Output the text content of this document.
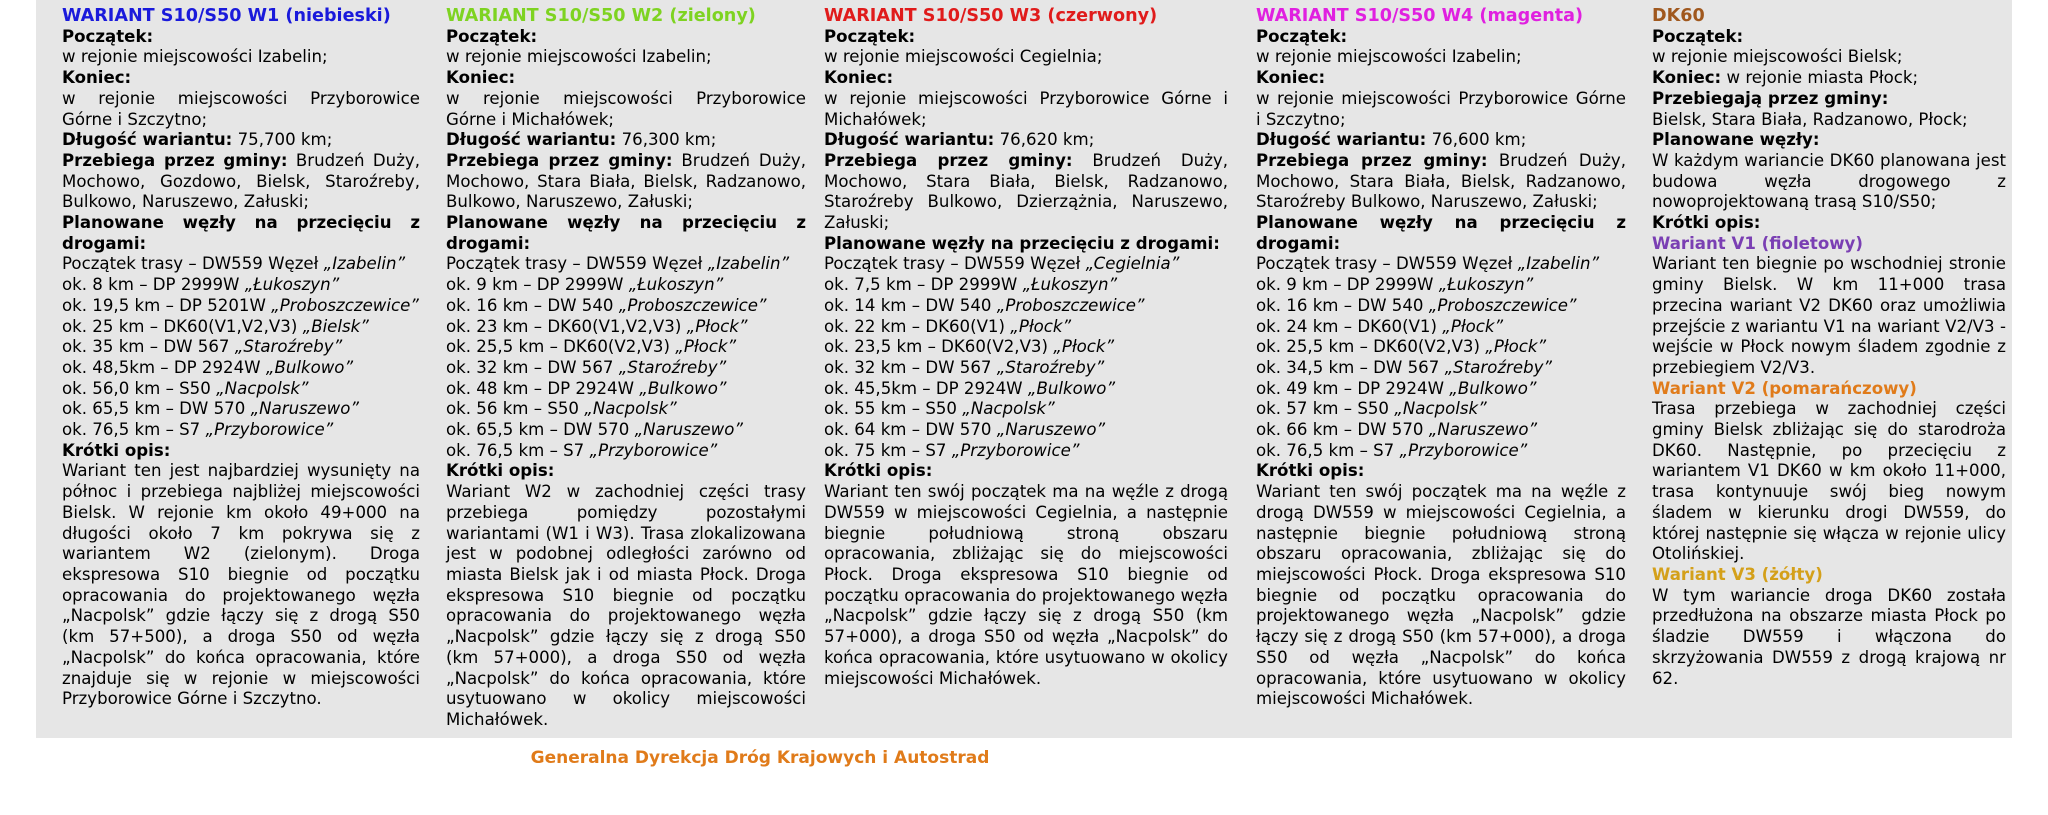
WARIANT S10/S50 W1 (niebieski)

Początek:

w rejonie miejscowości Izabelin;

Koniec:

w rejonie miejscowości Przyborowice Górne i Szczytno;

Długość wariantu: 75,700 km;

Przebiega przez gminy: Brudzeń Duży, Mochowo, Gozdowo, Bielsk, Staroźreby, Bulkowo, Naruszewo, Załuski;

Planowane węzły na przecięciu z drogami:

Początek trasy – DW559 Węzeł „Izabelin”

ok. 8 km – DP 2999W „Łukoszyn”

ok. 19,5 km – DP 5201W „Proboszczewice”

ok. 25 km – DK60(V1,V2,V3) „Bielsk”

ok. 35 km – DW 567 „Staroźreby”

ok. 48,5km – DP 2924W „Bulkowo”

ok. 56,0 km – S50 „Nacpolsk”

ok. 65,5 km – DW 570 „Naruszewo”

ok. 76,5 km – S7 „Przyborowice”

Krótki opis:

Wariant ten jest najbardziej wysunięty na północ i przebiega najbliżej miejscowości Bielsk. W rejonie km około 49+000 na długości około 7 km pokrywa się z wariantem W2 (zielonym). Droga ekspresowa S10 biegnie od początku opracowania do projektowanego węzła „Nacpolsk” gdzie łączy się z drogą S50 (km 57+500), a droga S50 od węzła „Nacpolsk” do końca opracowania, które znajduje się w rejonie w miejscowości Przyborowice Górne i Szczytno.

WARIANT S10/S50 W2 (zielony)

Początek:

w rejonie miejscowości Izabelin;

Koniec:

w rejonie miejscowości Przyborowice Górne i Michałówek;

Długość wariantu: 76,300 km;

Przebiega przez gminy: Brudzeń Duży, Mochowo, Stara Biała, Bielsk, Radzanowo, Bulkowo, Naruszewo, Załuski;

Planowane węzły na przecięciu z drogami:

Początek trasy – DW559 Węzeł „Izabelin”

ok. 9 km – DP 2999W „Łukoszyn”

ok. 16 km – DW 540 „Proboszczewice”

ok. 23 km – DK60(V1,V2,V3) „Płock”

ok. 25,5 km – DK60(V2,V3) „Płock”

ok. 32 km – DW 567 „Staroźreby”

ok. 48 km – DP 2924W „Bulkowo”

ok. 56 km – S50 „Nacpolsk”

ok. 65,5 km – DW 570 „Naruszewo”

ok. 76,5 km – S7 „Przyborowice”

Krótki opis:

Wariant W2 w zachodniej części trasy przebiega pomiędzy pozostałymi wariantami (W1 i W3). Trasa zlokalizowana jest w podobnej odległości zarówno od miasta Bielsk jak i od miasta Płock. Droga ekspresowa S10 biegnie od początku opracowania do projektowanego węzła „Nacpolsk” gdzie łączy się z drogą S50 (km 57+000), a droga S50 od węzła „Nacpolsk” do końca opracowania, które usytuowano w okolicy miejscowości Michałówek.

WARIANT S10/S50 W3 (czerwony)

Początek:

w rejonie miejscowości Cegielnia;

Koniec:

w rejonie miejscowości Przyborowice Górne i Michałówek;

Długość wariantu: 76,620 km;

Przebiega przez gminy: Brudzeń Duży, Mochowo, Stara Biała, Bielsk, Radzanowo, Staroźreby Bulkowo, Dzierzążnia, Naruszewo, Załuski;

Planowane węzły na przecięciu z drogami:

Początek trasy – DW559 Węzeł „Cegielnia”

ok. 7,5 km – DP 2999W „Łukoszyn”

ok. 14 km – DW 540 „Proboszczewice”

ok. 22 km – DK60(V1) „Płock”

ok. 23,5 km – DK60(V2,V3) „Płock”

ok. 32 km – DW 567 „Staroźreby”

ok. 45,5km – DP 2924W „Bulkowo”

ok. 55 km – S50 „Nacpolsk”

ok. 64 km – DW 570 „Naruszewo”

ok. 75 km – S7 „Przyborowice”

Krótki opis:

Wariant ten swój początek ma na węźle z drogą DW559 w miejscowości Cegielnia, a następnie biegnie południową stroną obszaru opracowania, zbliżając się do miejscowości Płock. Droga ekspresowa S10 biegnie od początku opracowania do projektowanego węzła „Nacpolsk” gdzie łączy się z drogą S50 (km 57+000), a droga S50 od węzła „Nacpolsk” do końca opracowania, które usytuowano w okolicy miejscowości Michałówek.

WARIANT S10/S50 W4 (magenta)

Początek:

w rejonie miejscowości Izabelin;

Koniec:

w rejonie miejscowości Przyborowice Górne i Szczytno;

Długość wariantu: 76,600 km;

Przebiega przez gminy: Brudzeń Duży, Mochowo, Stara Biała, Bielsk, Radzanowo, Staroźreby Bulkowo, Naruszewo, Załuski;

Planowane węzły na przecięciu z drogami:

Początek trasy – DW559 Węzeł „Izabelin”

ok. 9 km – DP 2999W „Łukoszyn”

ok. 16 km – DW 540 „Proboszczewice”

ok. 24 km – DK60(V1) „Płock”

ok. 25,5 km – DK60(V2,V3) „Płock”

ok. 34,5 km – DW 567 „Staroźreby”

ok. 49 km – DP 2924W „Bulkowo”

ok. 57 km – S50 „Nacpolsk”

ok. 66 km – DW 570 „Naruszewo”

ok. 76,5 km – S7 „Przyborowice”

Krótki opis:

Wariant ten swój początek ma na węźle z drogą DW559 w miejscowości Cegielnia, a następnie biegnie południową stroną obszaru opracowania, zbliżając się do miejscowości Płock. Droga ekspresowa S10 biegnie od początku opracowania do projektowanego węzła „Nacpolsk” gdzie łączy się z drogą S50 (km 57+000), a droga S50 od węzła „Nacpolsk” do końca opracowania, które usytuowano w okolicy miejscowości Michałówek.

DK60

Początek:

w rejonie miejscowości Bielsk;

Koniec: w rejonie miasta Płock;

Przebiegają przez gminy:

Bielsk, Stara Biała, Radzanowo, Płock;

Planowane węzły:

W każdym wariancie DK60 planowana jest budowa węzła drogowego z nowoprojektowaną trasą S10/S50;

Krótki opis:

Wariant V1 (fioletowy)

Wariant ten biegnie po wschodniej stronie gminy Bielsk. W km 11+000 trasa przecina wariant V2 DK60 oraz umożliwia przejście z wariantu V1 na wariant V2/V3 - wejście w Płock nowym śladem zgodnie z przebiegiem V2/V3.

Wariant V2 (pomarańczowy)

Trasa przebiega w zachodniej części gminy Bielsk zbliżając się do starodroża DK60. Następnie, po przecięciu z wariantem V1 DK60 w km około 11+000, trasa kontynuuje swój bieg nowym śladem w kierunku drogi DW559, do której następnie się włącza w rejonie ulicy Otolińskiej.

Wariant V3 (żółty)

W tym wariancie droga DK60 została przedłużona na obszarze miasta Płock po śladzie DW559 i włączona do skrzyżowania DW559 z drogą krajową nr 62.

Generalna Dyrekcja Dróg Krajowych i Autostrad
